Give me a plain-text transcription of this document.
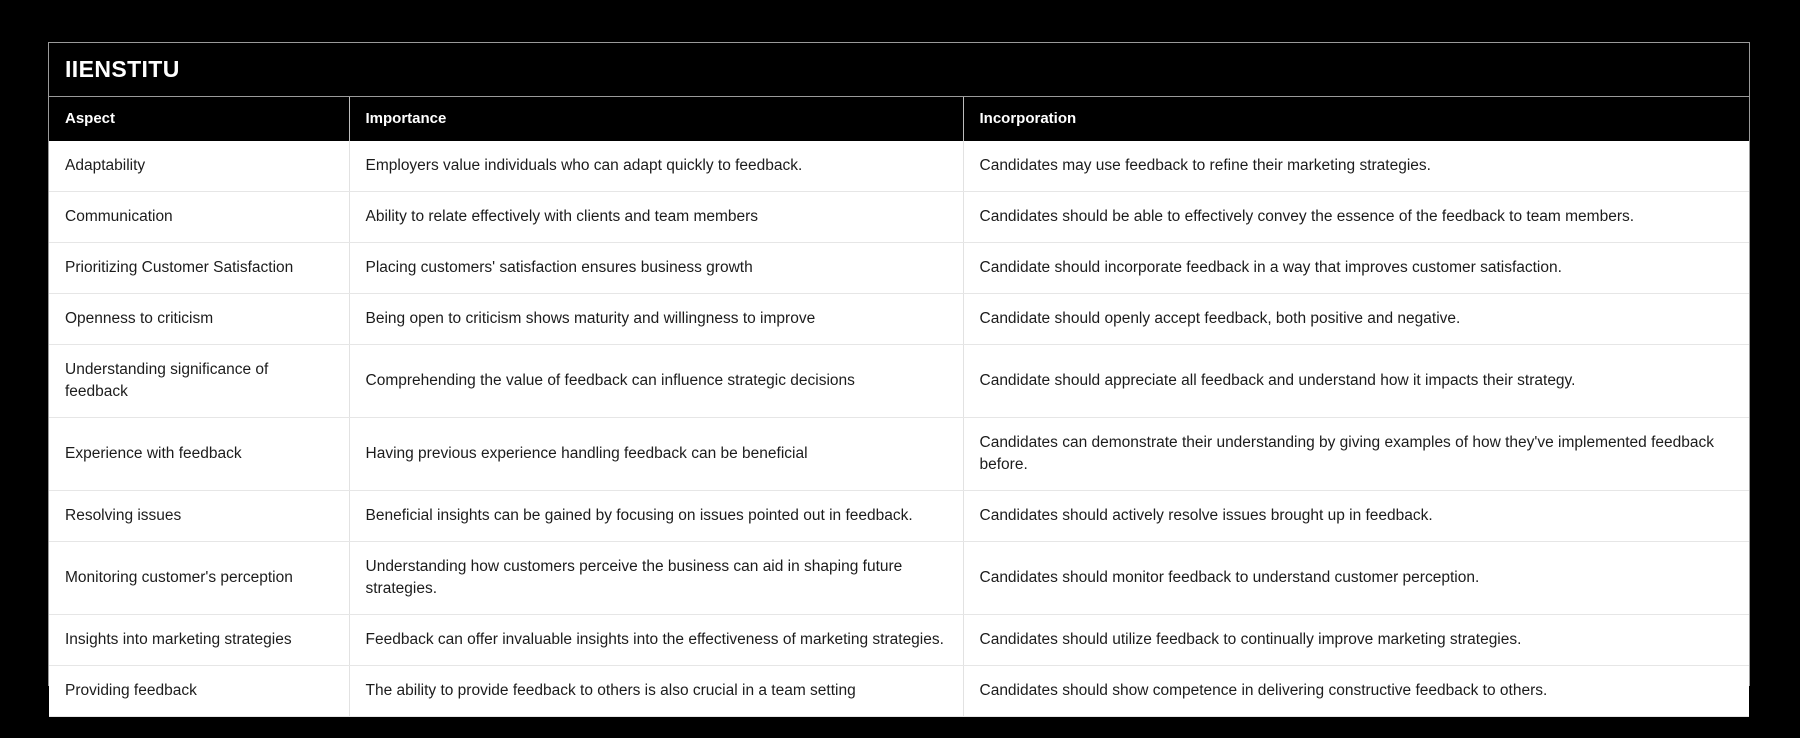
IIENSTITU
Aspect	Importance	Incorporation
Adaptability	Employers value individuals who can adapt quickly to feedback.	Candidates may use feedback to refine their marketing strategies.
Communication	Ability to relate effectively with clients and team members	Candidates should be able to effectively convey the essence of the feedback to team members.
Prioritizing Customer Satisfaction	Placing customers' satisfaction ensures business growth	Candidate should incorporate feedback in a way that improves customer satisfaction.
Openness to criticism	Being open to criticism shows maturity and willingness to improve	Candidate should openly accept feedback, both positive and negative.
Understanding significance of feedback	Comprehending the value of feedback can influence strategic decisions	Candidate should appreciate all feedback and understand how it impacts their strategy.
Experience with feedback	Having previous experience handling feedback can be beneficial	Candidates can demonstrate their understanding by giving examples of how they've implemented feedback before.
Resolving issues	Beneficial insights can be gained by focusing on issues pointed out in feedback.	Candidates should actively resolve issues brought up in feedback.
Monitoring customer's perception	Understanding how customers perceive the business can aid in shaping future strategies.	Candidates should monitor feedback to understand customer perception.
Insights into marketing strategies	Feedback can offer invaluable insights into the effectiveness of marketing strategies.	Candidates should utilize feedback to continually improve marketing strategies.
Providing feedback	The ability to provide feedback to others is also crucial in a team setting	Candidates should show competence in delivering constructive feedback to others.
